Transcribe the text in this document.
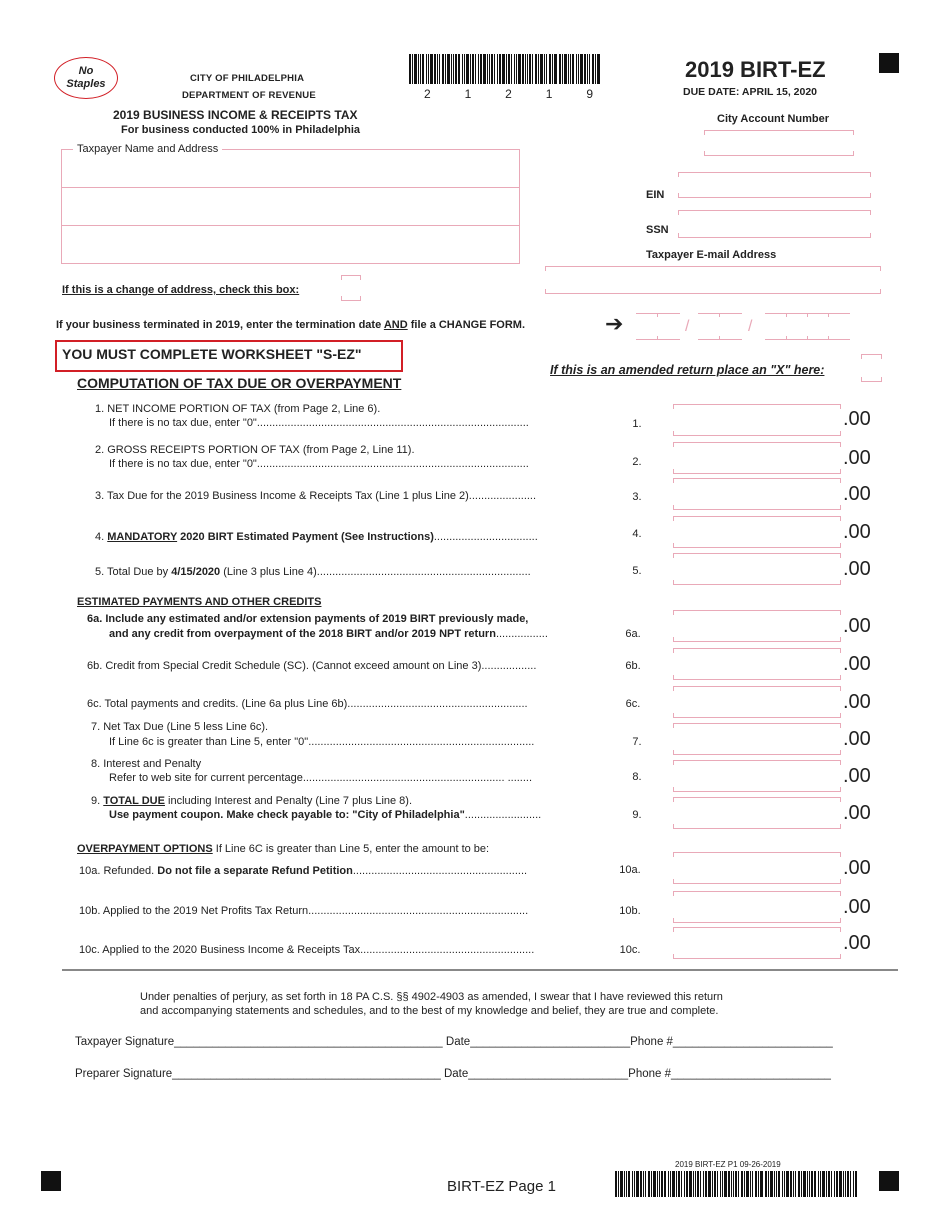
No
Staples	CITY OF PHILADELPHIA
DEPARTMENT OF REVENUE
2019 BUSINESS INCOME & RECEIPTS TAX
For business conducted 100% in Philadelphia
2	1	2	1	9
2019 BIRT-EZ
DUE DATE: APRIL 15, 2020
City Account Number
Taxpayer Name and Address
EIN
SSN
Taxpayer E-mail Address
If this is a change of address, check this box:
If your business terminated in 2019, enter the termination date AND file a CHANGE FORM.	➔	/	/
YOU MUST COMPLETE WORKSHEET "S-EZ"
If this is an amended return place an "X" here:
COMPUTATION OF TAX DUE OR OVERPAYMENT
1. NET INCOME PORTION OF TAX (from Page 2, Line 6).
If there is no tax due, enter "0".........................................................................................	1.	.00
2. GROSS RECEIPTS PORTION OF TAX (from Page 2, Line 11).
If there is no tax due, enter "0".........................................................................................	2.	.00
3. Tax Due for the 2019 Business Income & Receipts Tax (Line 1 plus Line 2)......................	3.	.00
4. MANDATORY 2020 BIRT Estimated Payment (See Instructions)..................................	4.	.00
5. Total Due by 4/15/2020 (Line 3 plus Line 4)......................................................................	5.	.00
ESTIMATED PAYMENTS AND OTHER CREDITS
6a. Include any estimated and/or extension payments of 2019 BIRT previously made,
and any credit from overpayment of the 2018 BIRT and/or 2019 NPT return.................	6a.	.00
6b. Credit from Special Credit Schedule (SC). (Cannot exceed amount on Line 3)..................	6b.	.00
6c. Total payments and credits. (Line 6a plus Line 6b)...........................................................	6c.	.00
7. Net Tax Due (Line 5 less Line 6c).
If Line 6c is greater than Line 5, enter "0"..........................................................................	7.	.00
8. Interest and Penalty
Refer to web site for current percentage.................................................................. ........	8.	.00
9. TOTAL DUE including Interest and Penalty (Line 7 plus Line 8).
Use payment coupon. Make check payable to: "City of Philadelphia".........................	9.	.00
OVERPAYMENT OPTIONS If Line 6C is greater than Line 5, enter the amount to be:
10a. Refunded. Do not file a separate Refund Petition.........................................................	10a.	.00
10b. Applied to the 2019 Net Profits Tax Return........................................................................	10b.	.00
10c. Applied to the 2020 Business Income & Receipts Tax.........................................................	10c.	.00
Under penalties of perjury, as set forth in 18 PA C.S. §§ 4902-4903 as amended, I swear that I have reviewed this return
and accompanying statements and schedules, and to the best of my knowledge and belief, they are true and complete.
Taxpayer Signature__________________________________________ Date_________________________Phone #_________________________
Preparer Signature__________________________________________ Date_________________________Phone #_________________________
2019 BIRT-EZ P1 09-26-2019
BIRT-EZ Page 1
